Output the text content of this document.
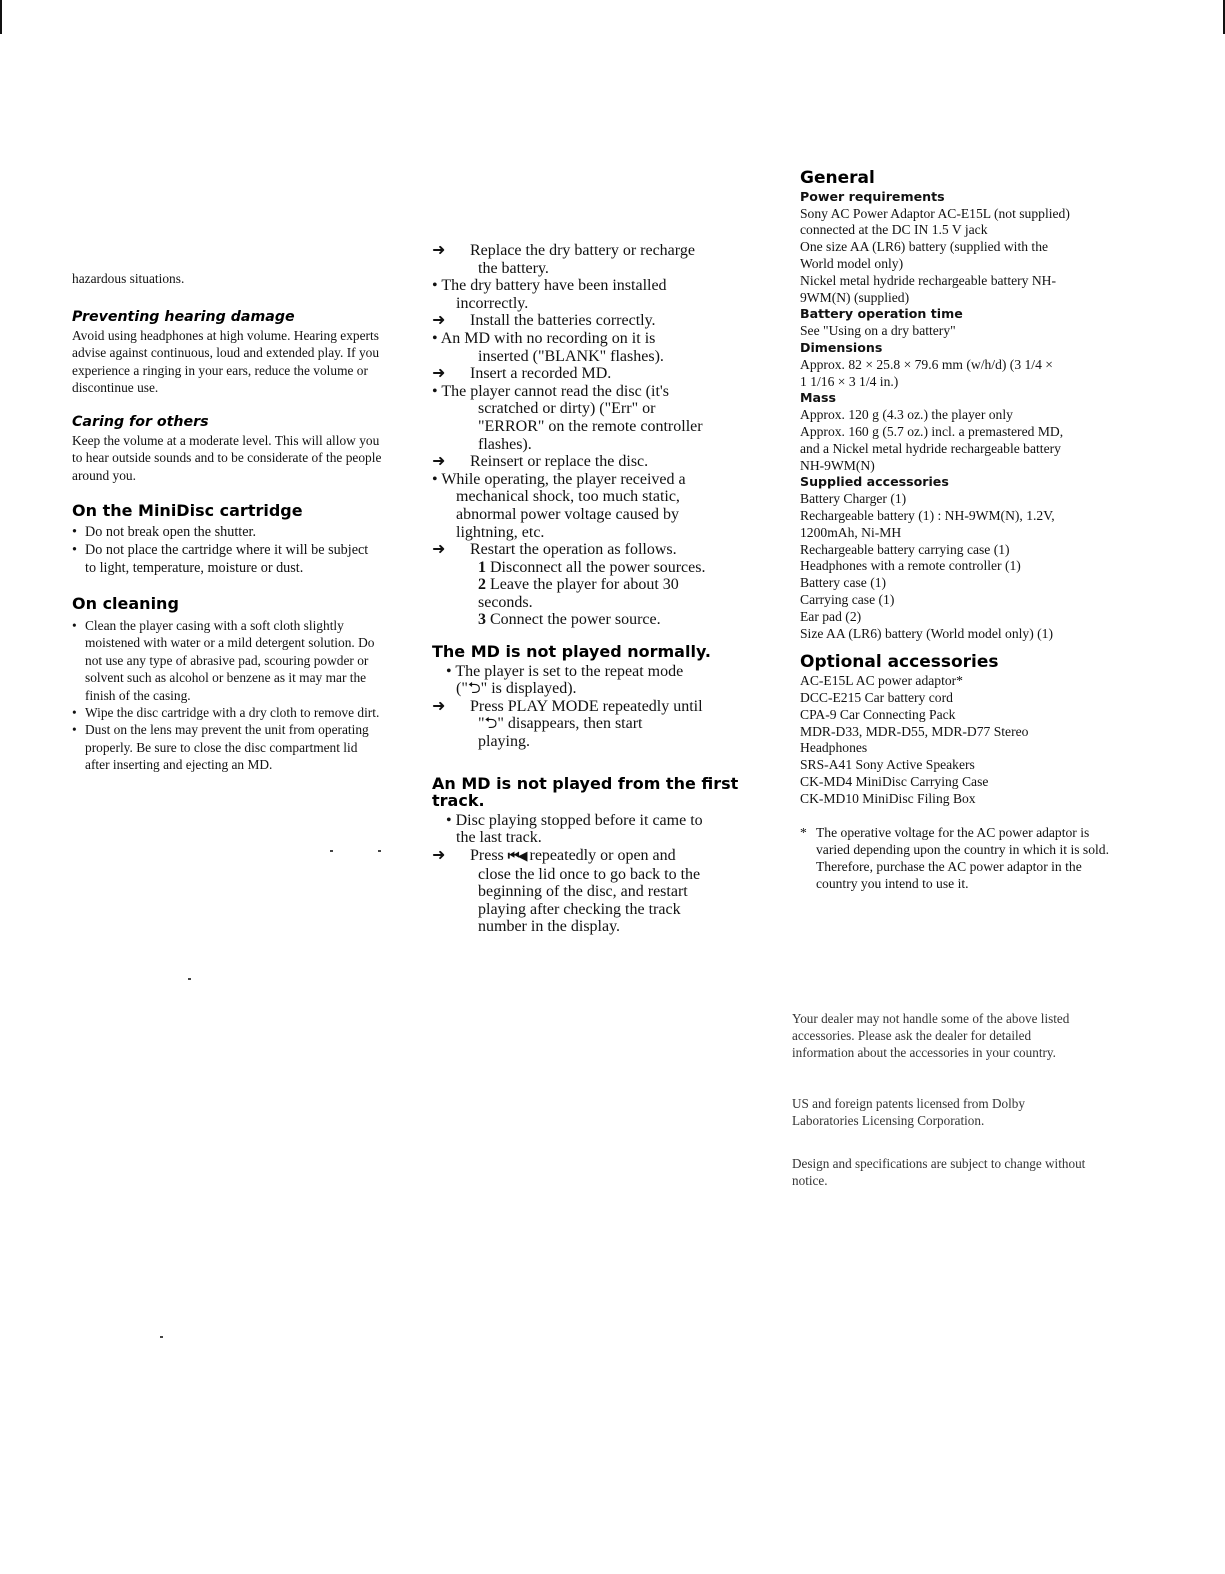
hazardous situations.

Preventing hearing damage

Avoid using headphones at high volume. Hearing experts advise against continuous, loud and extended play. If you experience a ringing in your ears, reduce the volume or discontinue use.

Caring for others

Keep the volume at a moderate level. This will allow you to hear outside sounds and to be considerate of the people around you.

On the MiniDisc cartridge
• Do not break open the shutter.
• Do not place the cartridge where it will be subject to light, temperature, moisture or dust.
On cleaning
• Clean the player casing with a soft cloth slightly moistened with water or a mild detergent solution. Do not use any type of abrasive pad, scouring powder or solvent such as alcohol or benzene as it may mar the finish of the casing.
• Wipe the disc cartridge with a dry cloth to remove dirt.
• Dust on the lens may prevent the unit from operating properly. Be sure to close the disc compartment lid after inserting and ejecting an MD.

➜ Replace the dry battery or recharge

the battery.

• The dry battery have been installed

incorrectly.

➜ Install the batteries correctly.

• An MD with no recording on it is

inserted ("BLANK" flashes).

➜ Insert a recorded MD.

• The player cannot read the disc (it's

scratched or dirty) ("Err" or

"ERROR" on the remote controller

flashes).

➜ Reinsert or replace the disc.

• While operating, the player received a

mechanical shock, too much static,

abnormal power voltage caused by

lightning, etc.

➜ Restart the operation as follows.

1 Disconnect all the power sources.

2 Leave the player for about 30

seconds.

3 Connect the power source.

The MD is not played normally.

• The player is set to the repeat mode

("⮌" is displayed).

➜ Press PLAY MODE repeatedly until

"⮌" disappears, then start

playing.

An MD is not played from the first track.

• Disc playing stopped before it came to

the last track.

➜ Press ⏮◀ repeatedly or open and

close the lid once to go back to the

beginning of the disc, and restart

playing after checking the track

number in the display.

General
Power requirements

Sony AC Power Adaptor AC-E15L (not supplied)

connected at the DC IN 1.5 V jack

One size AA (LR6) battery (supplied with the

World model only)

Nickel metal hydride rechargeable battery NH-

9WM(N) (supplied)

Battery operation time

See "Using on a dry battery"

Dimensions

Approx. 82 × 25.8 × 79.6 mm (w/h/d) (3 1/4 ×

1 1/16 × 3 1/4 in.)

Mass

Approx. 120 g (4.3 oz.) the player only

Approx. 160 g (5.7 oz.) incl. a premastered MD,

and a Nickel metal hydride rechargeable battery

NH-9WM(N)

Supplied accessories

Battery Charger (1)

Rechargeable battery (1) : NH-9WM(N), 1.2V,

1200mAh, Ni-MH

Rechargeable battery carrying case (1)

Headphones with a remote controller (1)

Battery case (1)

Carrying case (1)

Ear pad (2)

Size AA (LR6) battery (World model only) (1)

Optional accessories

AC-E15L AC power adaptor*

DCC-E215 Car battery cord

CPA-9 Car Connecting Pack

MDR-D33, MDR-D55, MDR-D77 Stereo

Headphones

SRS-A41 Sony Active Speakers

CK-MD4 MiniDisc Carrying Case

CK-MD10 MiniDisc Filing Box

* The operative voltage for the AC power adaptor is varied depending upon the country in which it is sold. Therefore, purchase the AC power adaptor in the country you intend to use it.

Your dealer may not handle some of the above listed accessories. Please ask the dealer for detailed information about the accessories in your country.

US and foreign patents licensed from Dolby Laboratories Licensing Corporation.

Design and specifications are subject to change without notice.
